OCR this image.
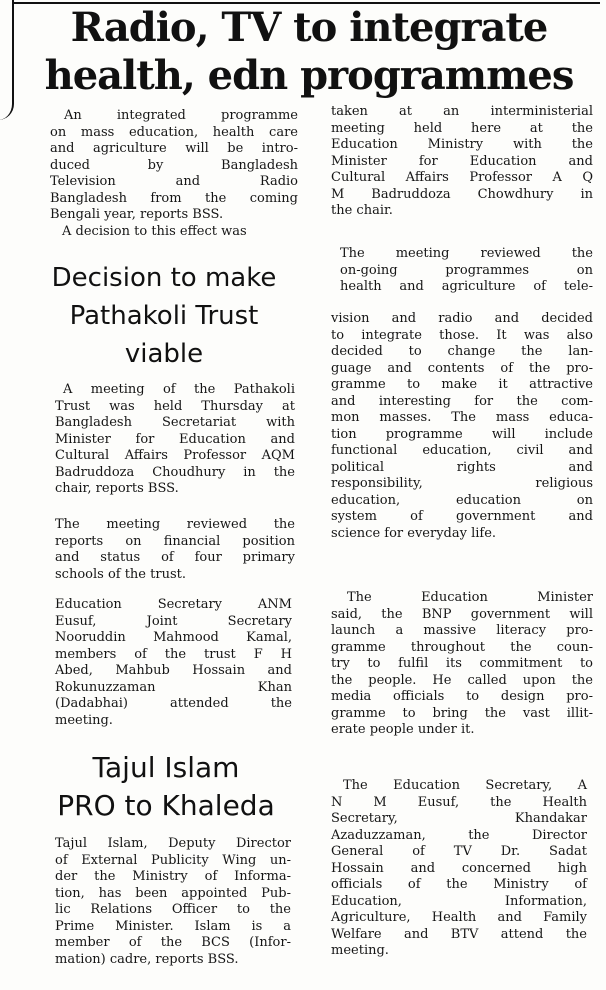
Radio, TV to integrate
health, edn programmes
taken at an interministerial
meeting held here at the
Education Ministry with the
Minister for Education and
Cultural Affairs Professor A Q
M Badruddoza Chowdhury in
the chair.
The meeting reviewed the
on-going programmes on
health and agriculture of tele-
vision and radio and decided
to integrate those. It was also
decided to change the lan-
guage and contents of the pro-
gramme to make it attractive
and interesting for the com-
mon masses. The mass educa-
tion programme will include
functional education, civil and
political rights and
responsibility, religious
education, education on
system of government and
science for everyday life.
The Education Minister
said, the BNP government will
launch a massive literacy pro-
gramme throughout the coun-
try to fulfil its commitment to
the people. He called upon the
media officials to design pro-
gramme to bring the vast illit-
erate people under it.
The Education Secretary, A
N M Eusuf, the Health
Secretary, Khandakar
Azaduzzaman, the Director
General of TV Dr. Sadat
Hossain and concerned high
officials of the Ministry of
Education, Information,
Agriculture, Health and Family
Welfare and BTV attend the
meeting.
An integrated programme
on mass education, health care
and agriculture will be intro-
duced by Bangladesh
Television and Radio
Bangladesh from the coming
Bengali year, reports BSS.
A decision to this effect was
Decision to make
Pathakoli Trust
viable
A meeting of the Pathakoli
Trust was held Thursday at
Bangladesh Secretariat with
Minister for Education and
Cultural Affairs Professor AQM
Badruddoza Choudhury in the
chair, reports BSS.
The meeting reviewed the
reports on financial position
and status of four primary
schools of the trust.
Education Secretary ANM
Eusuf, Joint Secretary
Nooruddin Mahmood Kamal,
members of the trust F H
Abed, Mahbub Hossain and
Rokunuzzaman Khan
(Dadabhai) attended the
meeting.
Tajul Islam
PRO to Khaleda
Tajul Islam, Deputy Director
of External Publicity Wing un-
der the Ministry of Informa-
tion, has been appointed Pub-
lic Relations Officer to the
Prime Minister. Islam is a
member of the BCS (Infor-
mation) cadre, reports BSS.
